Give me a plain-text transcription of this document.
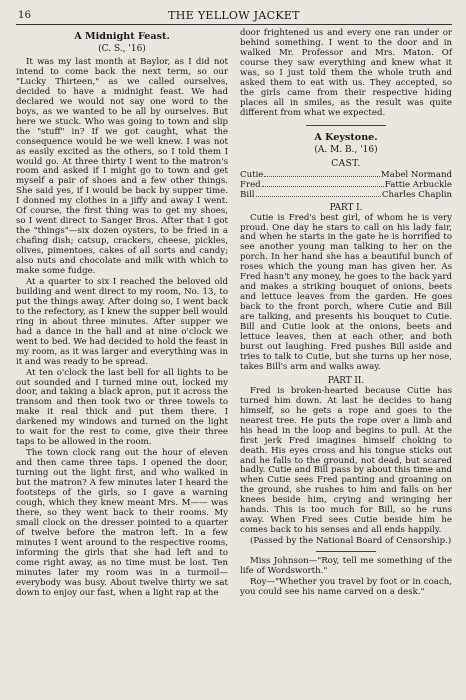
16	THE YELLOW JACKET
A Midnight Feast.
(C. S., '16)

It was my last month at Baylor, as I did not intend to come back the next term, so our "Lucky Thirteen," as we called ourselves, decided to have a midnight feast. We had declared we would not say one word to the boys, as we wanted to be all by ourselves. But here we stuck. Who was going to town and slip the "stuff" in? If we got caught, what the consequence would be we well knew. I was not as easily excited as the others, so I told them I would go. At three thirty I went to the matron's room and asked if I might go to town and get myself a pair of shoes and a few other things. She said yes, if I would be back by supper time. I donned my clothes in a jiffy and away I went. Of course, the first thing was to get my shoes, so I went direct to Sanger Bros. After that I got the "things"—six dozen oysters, to be fried in a chafing dish; catsup, crackers, cheese, pickles, olives, pimentoes, cakes of all sorts and candy; also nuts and chocolate and milk with which to make some fudge.

At a quarter to six I reached the beloved old building and went direct to my room, No. 13, to put the things away. After doing so, I went back to the refectory, as I knew the supper bell would ring in about three minutes. After supper we had a dance in the hall and at nine o'clock we went to bed. We had decided to hold the feast in my room, as it was larger and everything was in it and was ready to be spread.

At ten o'clock the last bell for all lights to be out sounded and I turned mine out, locked my door, and taking a black apron, put it across the transom and then took two or three towels to make it real thick and put them there. I darkened my windows and turned on the light to wait for the rest to come, give their three taps to be allowed in the room.

The town clock rang out the hour of eleven and then came three taps. I opened the door, turning out the light first, and who walked in but the matron? A few minutes later I heard the footsteps of the girls, so I gave a warning cough, which they knew meant Mrs. M—— was there, so they went back to their rooms. My small clock on the dresser pointed to a quarter of twelve before the matron left. In a few minutes I went around to the respective rooms, informing the girls that she had left and to come right away, as no time must be lost. Ten minutes later my room was in a turmoil—everybody was busy. About twelve thirty we sat down to enjoy our fast, when a light rap at the

door frightened us and every one ran under or behind something. I went to the door and in walked Mr. Professor and Mrs. Maton. Of course they saw everything and knew what it was, so I just told them the whole truth and asked them to eat with us. They accepted, so the girls came from their respective hiding places all in smiles, as the result was quite different from what we expected.

A Keystone.
(A. M. B., '16)
CAST.
Cutie	Mabel Normand
Fred	Fattie Arbuckle
Bill	Charles Chaplin
PART I.

Cutie is Fred's best girl, of whom he is very proud. One day he stars to call on his lady fair, and when he starts in the gate he is horrified to see another young man talking to her on the porch. In her hand she has a beautiful bunch of roses which the young man has given her. As Fred hasn't any money, he goes to the back yard and makes a striking bouquet of onions, beets and lettuce leaves from the garden. He goes back to the front porch, where Cutie and Bill are talking, and presents his bouquet to Cutie. Bill and Cutie look at the onions, beets and lettuce leaves, then at each other, and both burst out laughing. Fred pushes Bill aside and tries to talk to Cutie, but she turns up her nose, takes Bill's arm and walks away.

PART II.

Fred is broken-hearted because Cutie has turned him down. At last he decides to hang himself, so he gets a rope and goes to the nearest tree. He puts the rope over a limb and his head in the loop and begins to pull. At the first jerk Fred imagines himself choking to death. His eyes cross and his tongue sticks out and he falls to the ground, not dead, but scared badly. Cutie and Bill pass by about this time and when Cutie sees Fred panting and groaning on the ground, she rushes to him and falls on her knees beside him, crying and wringing her hands. This is too much for Bill, so he runs away. When Fred sees Cutie beside him he comes back to his senses and all ends happily.

(Passed by the National Board of Censorship.)

Miss Johnson—"Roy, tell me something of the life of Wordsworth."

Roy—"Whether you travel by foot or in coach, you could see his name carved on a desk."
